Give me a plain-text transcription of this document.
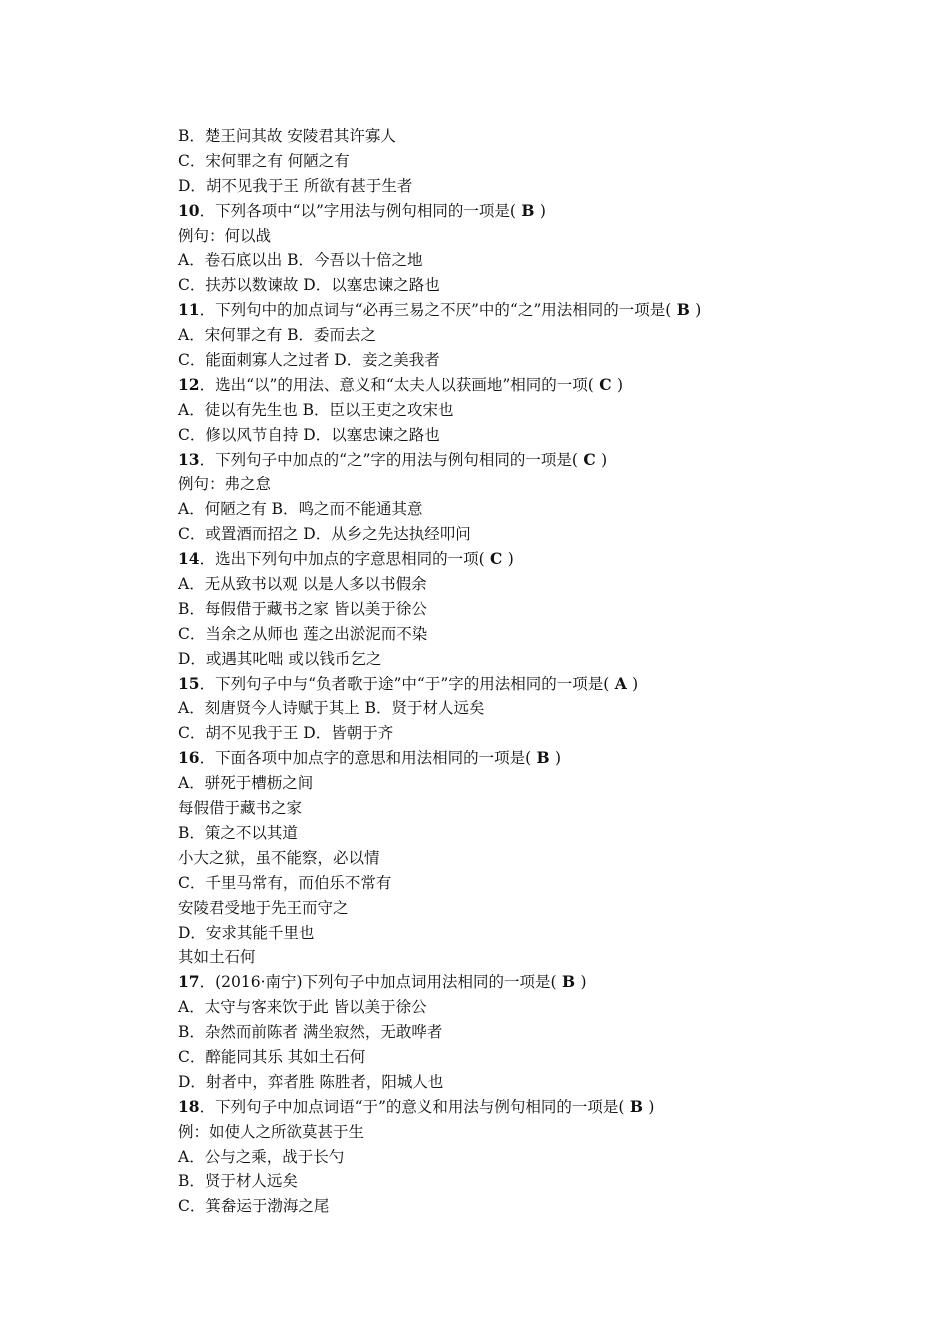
B．楚王问其故 安陵君其许寡人
C．宋何罪之有 何陋之有
D．胡不见我于王 所欲有甚于生者
10．下列各项中“以”字用法与例句相同的一项是( B )
例句：何以战
A．卷石底以出 B．今吾以十倍之地
C．扶苏以数谏故 D．以塞忠谏之路也
11．下列句中的加点词与“必再三易之不厌”中的“之”用法相同的一项是( B )
A．宋何罪之有 B．委而去之
C．能面刺寡人之过者 D．妾之美我者
12．选出“以”的用法、意义和“太夫人以获画地”相同的一项( C )
A．徒以有先生也 B．臣以王吏之攻宋也
C．修以风节自持 D．以塞忠谏之路也
13．下列句子中加点的“之”字的用法与例句相同的一项是( C )
例句：弗之怠
A．何陋之有 B．鸣之而不能通其意
C．或置酒而招之 D．从乡之先达执经叩问
14．选出下列句中加点的字意思相同的一项( C )
A．无从致书以观 以是人多以书假余
B．每假借于藏书之家 皆以美于徐公
C．当余之从师也 莲之出淤泥而不染
D．或遇其叱咄 或以钱币乞之
15．下列句子中与“负者歌于途”中“于”字的用法相同的一项是( A )
A．刻唐贤今人诗赋于其上 B．贤于材人远矣
C．胡不见我于王 D．皆朝于齐
16．下面各项中加点字的意思和用法相同的一项是( B )
A．骈死于槽枥之间
每假借于藏书之家
B．策之不以其道
小大之狱，虽不能察，必以情
C．千里马常有，而伯乐不常有
安陵君受地于先王而守之
D．安求其能千里也
其如土石何
17．(2016·南宁)下列句子中加点词用法相同的一项是( B )
A．太守与客来饮于此 皆以美于徐公
B．杂然而前陈者 满坐寂然，无敢哗者
C．醉能同其乐 其如土石何
D．射者中，弈者胜 陈胜者，阳城人也
18．下列句子中加点词语“于”的意义和用法与例句相同的一项是( B )
例：如使人之所欲莫甚于生
A．公与之乘，战于长勺
B．贤于材人远矣
C．箕畚运于渤海之尾
